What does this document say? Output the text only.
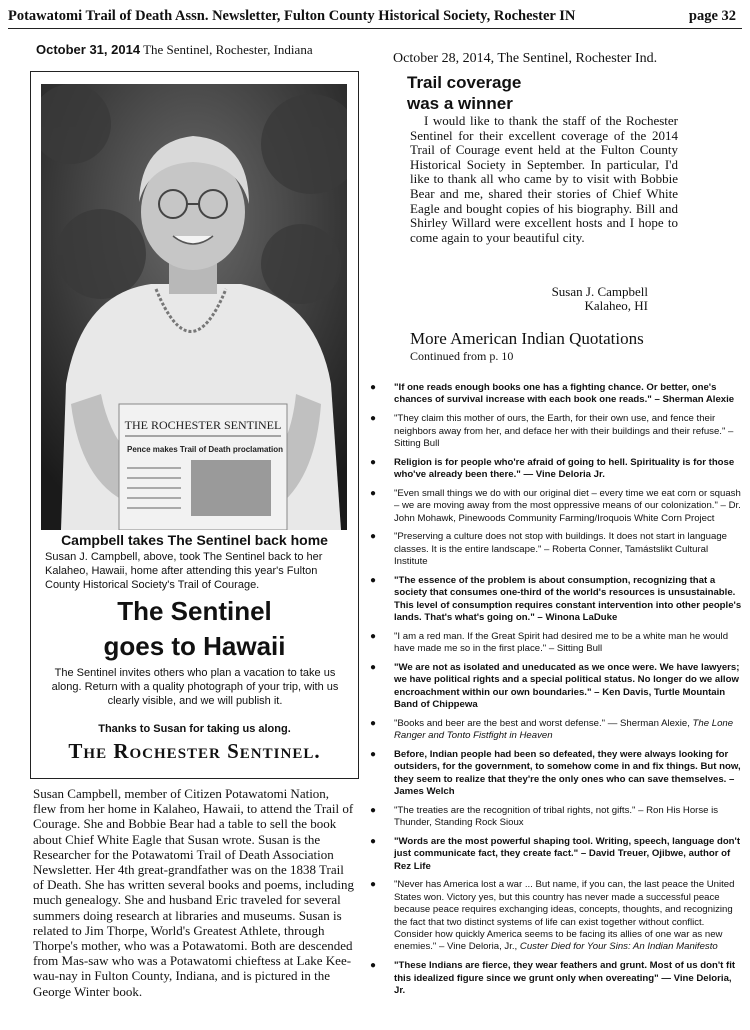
Potawatomi Trail of Death Assn. Newsletter, Fulton County Historical Society, Rochester IN	page 32
October 31, 2014 The Sentinel, Rochester, Indiana
October 28, 2014, The Sentinel, Rochester Ind.
THE ROCHESTER SENTINEL
Pence makes Trail of Death proclamation
Campbell takes The Sentinel back home
Susan J. Campbell, above, took The Sentinel back to her Kalaheo, Hawaii, home after attending this year's Fulton County Historical Society's Trail of Courage.
The Sentinel
goes to Hawaii
The Sentinel invites others who plan a vacation to take us along. Return with a quality photograph of your trip, with us clearly visible, and we will publish it.
Thanks to Susan for taking us along.
The Rochester Sentinel.
Susan Campbell, member of Citizen Potawatomi Nation, flew from her home in Kalaheo, Hawaii, to attend the Trail of Courage. She and Bobbie Bear had a table to sell the book about Chief White Eagle that Susan wrote. Susan is the Researcher for the Potawatomi Trail of Death Association Newsletter. Her 4th great-grandfather was on the 1838 Trail of Death. She has written several books and poems, including much genealogy. She and husband Eric traveled for several summers doing research at libraries and museums. Susan is related to Jim Thorpe, World's Greatest Athlete, through Thorpe's mother, who was a Potawatomi. Both are descended from Mas-saw who was a Potawatomi chieftess at Lake Kee-wau-nay in Fulton County, Indiana, and is pictured in the George Winter book.
Trail coverage
was a winner
I would like to thank the staff of the Rochester Sentinel for their excellent coverage of the 2014 Trail of Courage event held at the Fulton County Historical Society in September. In particular, I'd like to thank all who came by to visit with Bobbie Bear and me, shared their stories of Chief White Eagle and bought copies of his biography. Bill and Shirley Willard were excellent hosts and I hope to come again to your beautiful city.
Susan J. Campbell
Kalaheo, HI
More American Indian Quotations
Continued from p. 10
● "If one reads enough books one has a fighting chance. Or better, one's chances of survival increase with each book one reads." – Sherman Alexie
● "They claim this mother of ours, the Earth, for their own use, and fence their neighbors away from her, and deface her with their buildings and their refuse." – Sitting Bull
● Religion is for people who're afraid of going to hell. Spirituality is for those who've already been there." — Vine Deloria Jr.
● "Even small things we do with our original diet – every time we eat corn or squash – we are moving away from the most oppressive means of our colonization." – Dr. John Mohawk, Pinewoods Community Farming/Iroquois White Corn Project
● "Preserving a culture does not stop with buildings. It does not start in language classes. It is the entire landscape." – Roberta Conner, Tamástslikt Cultural Institute
● "The essence of the problem is about consumption, recognizing that a society that consumes one-third of the world's resources is unsustainable. This level of consumption requires constant intervention into other people's lands. That's what's going on." – Winona LaDuke
● "I am a red man. If the Great Spirit had desired me to be a white man he would have made me so in the first place." – Sitting Bull
● "We are not as isolated and uneducated as we once were. We have lawyers; we have political rights and a special political status. No longer do we allow encroachment within our own boundaries." – Ken Davis, Turtle Mountain Band of Chippewa
● "Books and beer are the best and worst defense." — Sherman Alexie, The Lone Ranger and Tonto Fistfight in Heaven
● Before, Indian people had been so defeated, they were always looking for outsiders, for the government, to somehow come in and fix things. But now, they seem to realize that they're the only ones who can save themselves. – James Welch
● "The treaties are the recognition of tribal rights, not gifts." – Ron His Horse is Thunder, Standing Rock Sioux
● "Words are the most powerful shaping tool. Writing, speech, language don't just communicate fact, they create fact." – David Treuer, Ojibwe, author of Rez Life
● "Never has America lost a war ... But name, if you can, the last peace the United States won. Victory yes, but this country has never made a successful peace because peace requires exchanging ideas, concepts, thoughts, and recognizing the fact that two distinct systems of life can exist together without conflict. Consider how quickly America seems to be facing its allies of one war as new enemies." – Vine Deloria, Jr., Custer Died for Your Sins: An Indian Manifesto
● "These Indians are fierce, they wear feathers and grunt. Most of us don't fit this idealized figure since we grunt only when overeating" — Vine Deloria, Jr.
